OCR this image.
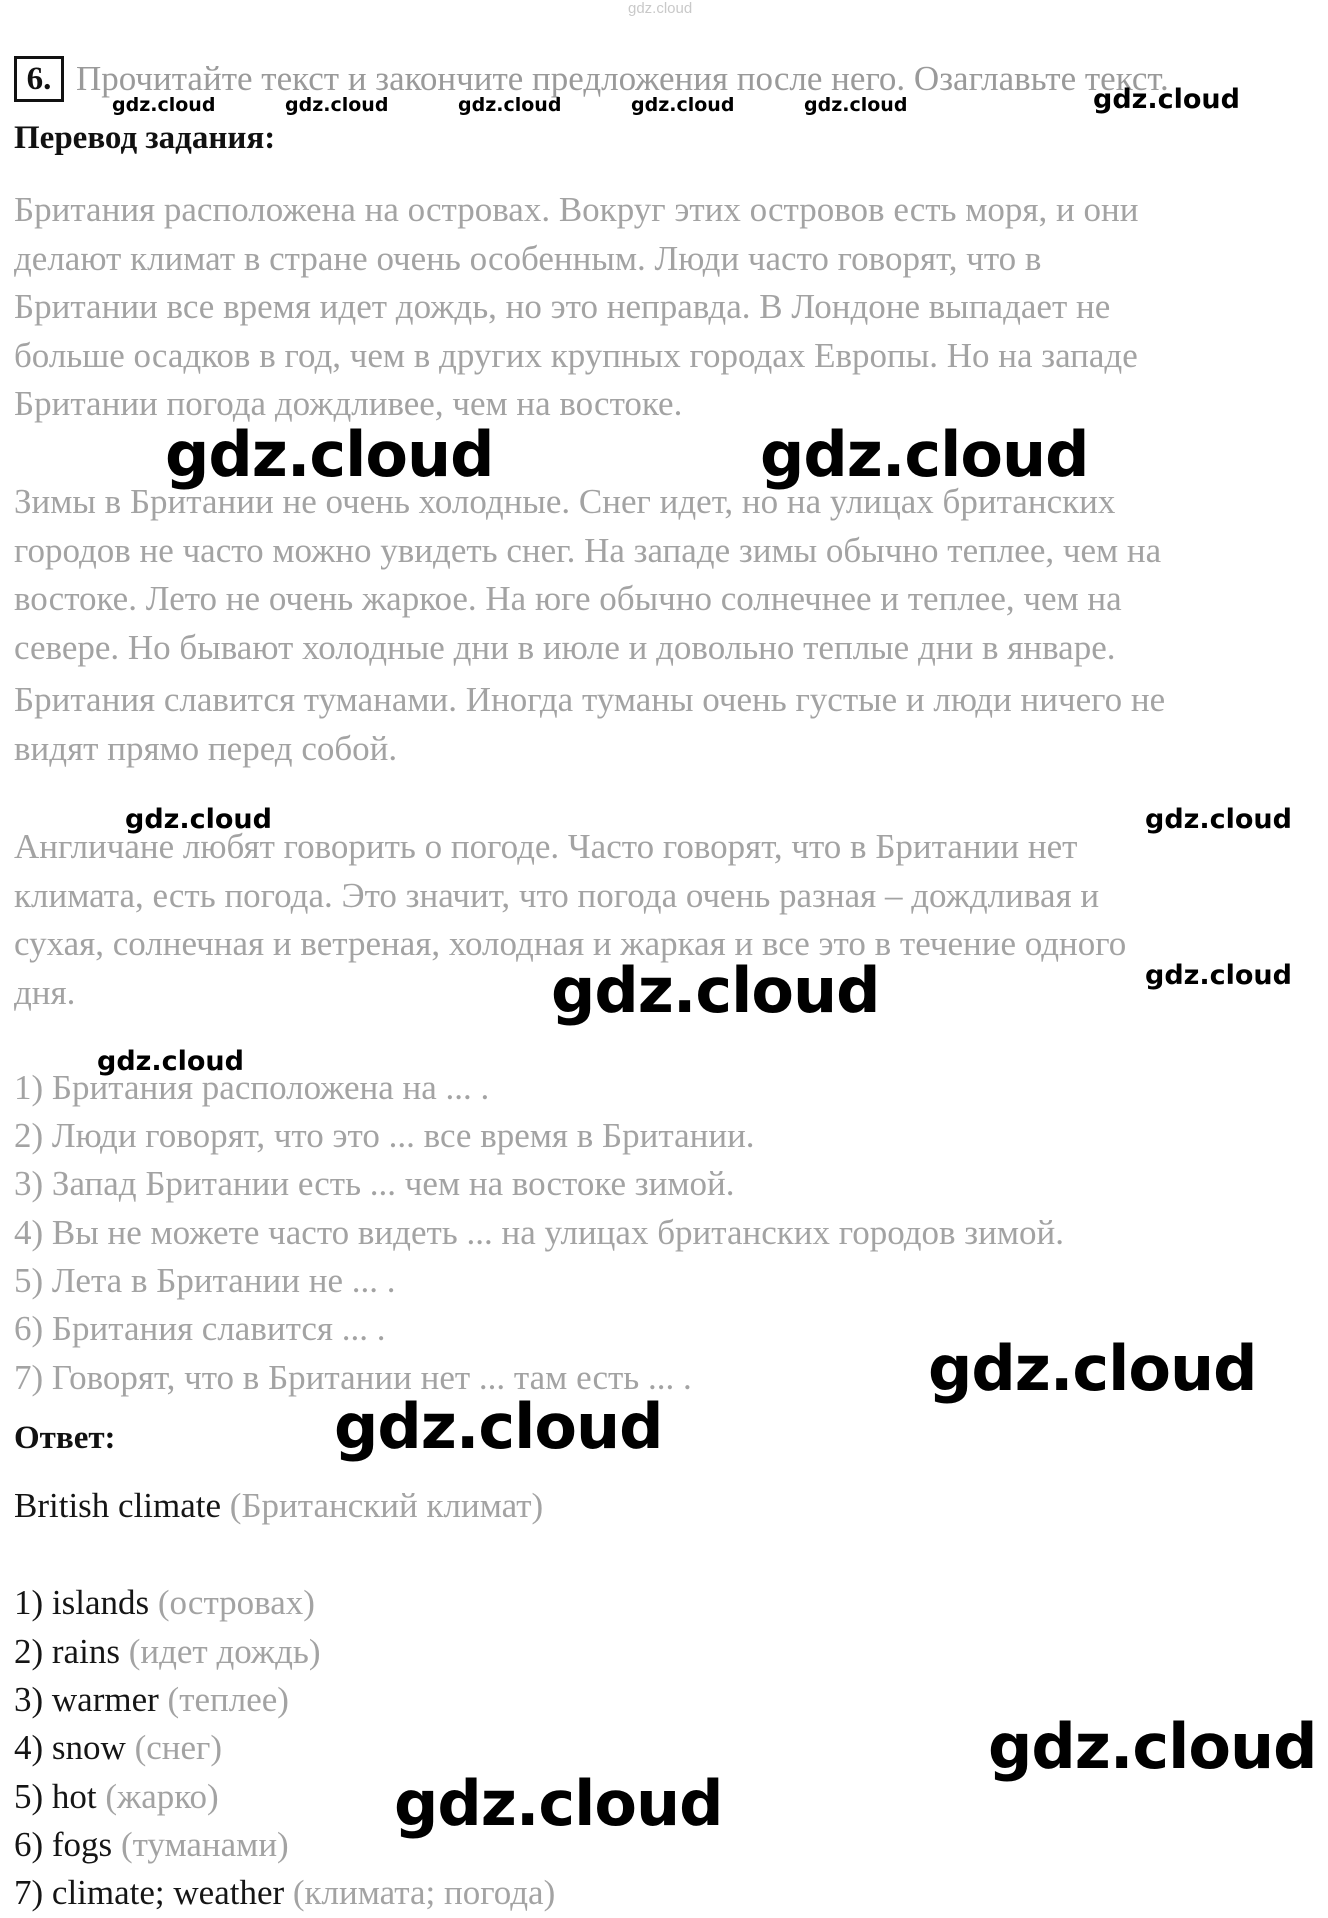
gdz.cloud
6. Прочитайте текст и закончите предложения после него. Озаглавьте текст.
Перевод задания:
Британия расположена на островах. Вокруг этих островов есть моря, и они
делают климат в стране очень особенным. Люди часто говорят, что в
Британии все время идет дождь, но это неправда. В Лондоне выпадает не
больше осадков в год, чем в других крупных городах Европы. Но на западе
Британии погода дождливее, чем на востоке.
Зимы в Британии не очень холодные. Снег идет, но на улицах британских
городов не часто можно увидеть снег. На западе зимы обычно теплее, чем на
востоке. Лето не очень жаркое. На юге обычно солнечнее и теплее, чем на
севере. Но бывают холодные дни в июле и довольно теплые дни в январе.
Британия славится туманами. Иногда туманы очень густые и люди ничего не
видят прямо перед собой.
Англичане любят говорить о погоде. Часто говорят, что в Британии нет
климата, есть погода. Это значит, что погода очень разная – дождливая и
сухая, солнечная и ветреная, холодная и жаркая и все это в течение одного
дня.
1) Британия расположена на ... .
2) Люди говорят, что это ... все время в Британии.
3) Запад Британии есть ... чем на востоке зимой.
4) Вы не можете часто видеть ... на улицах британских городов зимой.
5) Лета в Британии не ... .
6) Британия славится ... .
7) Говорят, что в Британии нет ... там есть ... .
Ответ:
British climate (Британский климат)
1) islands (островах)
2) rains (идет дождь)
3) warmer (теплее)
4) snow (снег)
5) hot (жарко)
6) fogs (туманами)
7) climate; weather (климата; погода)
gdz.cloud	gdz.cloud	gdz.cloud	gdz.cloud	gdz.cloud	gdz.cloud
gdz.cloud	gdz.cloud
gdz.cloud	gdz.cloud
gdz.cloud
gdz.cloud
gdz.cloud
gdz.cloud
gdz.cloud
gdz.cloud
gdz.cloud
